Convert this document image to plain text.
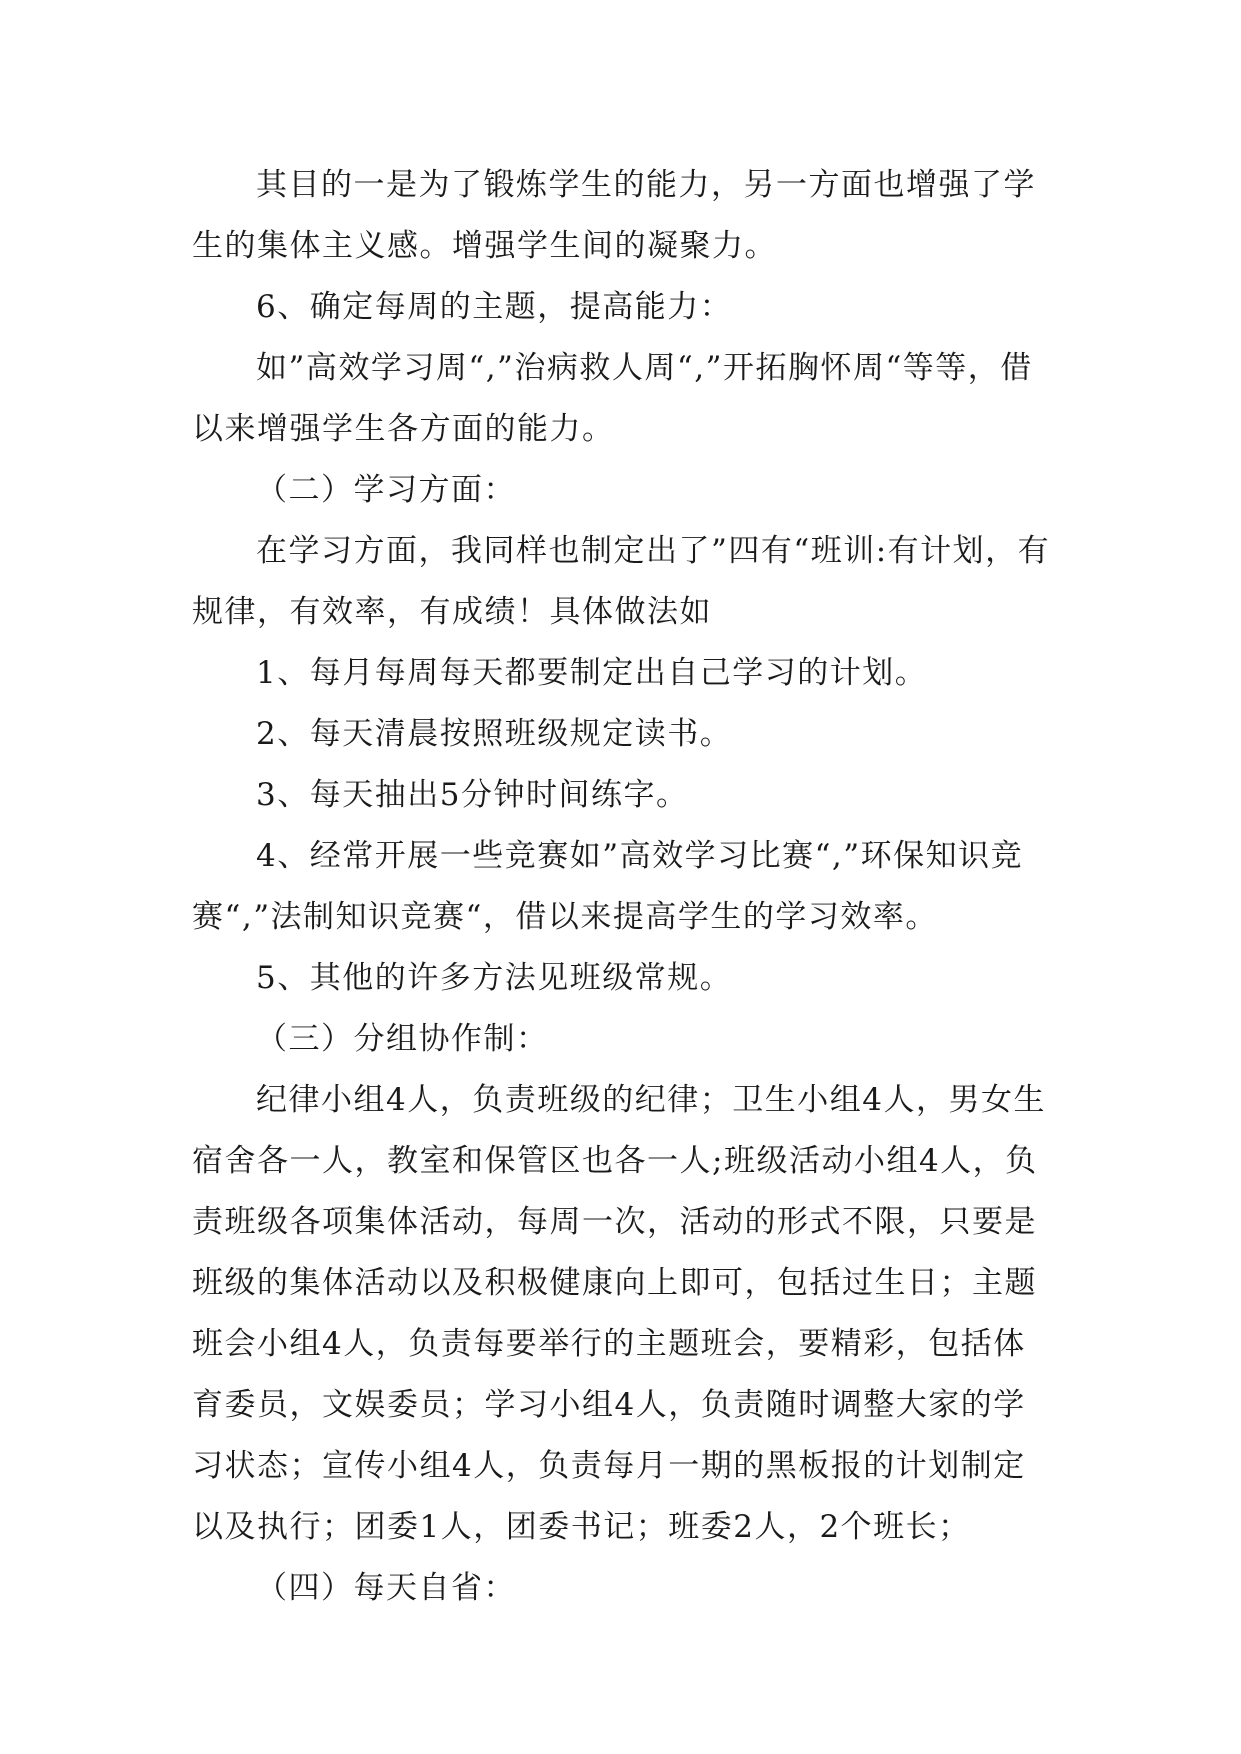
其目的一是为了锻炼学生的能力，另一方面也增强了学生的集体主义感。增强学生间的凝聚力。

6、确定每周的主题，提高能力：

如”高效学习周“,”治病救人周“,”开拓胸怀周“等等，借以来增强学生各方面的能力。

（二）学习方面：

在学习方面，我同样也制定出了”四有“班训:有计划，有规律，有效率，有成绩！具体做法如

1、每月每周每天都要制定出自己学习的计划。

2、每天清晨按照班级规定读书。

3、每天抽出5分钟时间练字。

4、经常开展一些竞赛如”高效学习比赛“,”环保知识竞赛“,”法制知识竞赛“，借以来提高学生的学习效率。

5、其他的许多方法见班级常规。

（三）分组协作制：

纪律小组4人，负责班级的纪律；卫生小组4人，男女生宿舍各一人，教室和保管区也各一人;班级活动小组4人，负责班级各项集体活动，每周一次，活动的形式不限，只要是班级的集体活动以及积极健康向上即可，包括过生日；主题班会小组4人，负责每要举行的主题班会，要精彩，包括体育委员，文娱委员；学习小组4人，负责随时调整大家的学习状态；宣传小组4人，负责每月一期的黑板报的计划制定以及执行；团委1人，团委书记；班委2人，2个班长；

（四）每天自省：
